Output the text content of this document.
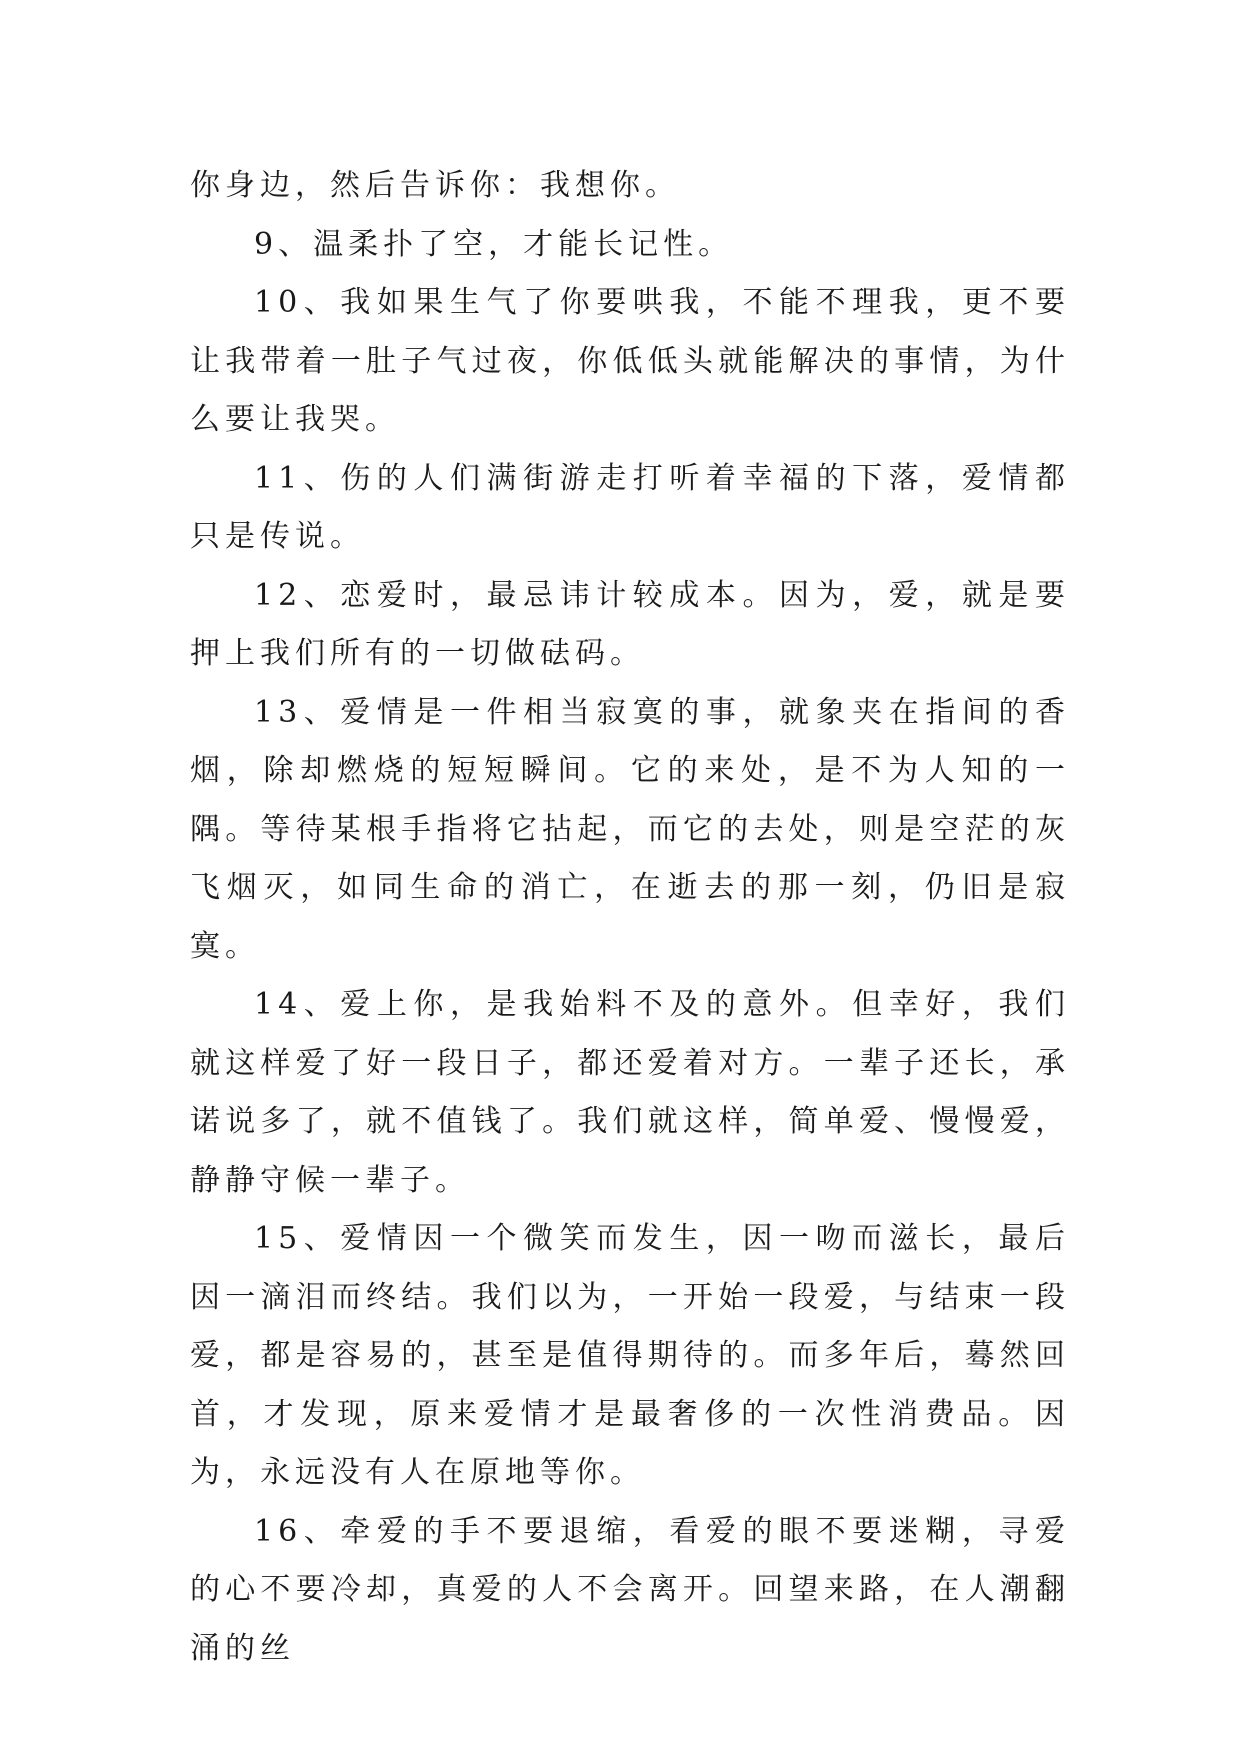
你身边，然后告诉你：我想你。

9、温柔扑了空，才能长记性。

10、我如果生气了你要哄我，不能不理我，更不要让我带着一肚子气过夜，你低低头就能解决的事情，为什么要让我哭。

11、伤的人们满街游走打听着幸福的下落，爱情都只是传说。

12、恋爱时，最忌讳计较成本。因为，爱，就是要押上我们所有的一切做砝码。

13、爱情是一件相当寂寞的事，就象夹在指间的香烟，除却燃烧的短短瞬间。它的来处，是不为人知的一隅。等待某根手指将它拈起，而它的去处，则是空茫的灰飞烟灭，如同生命的消亡，在逝去的那一刻，仍旧是寂寞。

14、爱上你，是我始料不及的意外。但幸好，我们就这样爱了好一段日子，都还爱着对方。一辈子还长，承诺说多了，就不值钱了。我们就这样，简单爱、慢慢爱，静静守候一辈子。

15、爱情因一个微笑而发生，因一吻而滋长，最后因一滴泪而终结。我们以为，一开始一段爱，与结束一段爱，都是容易的，甚至是值得期待的。而多年后，蓦然回首，才发现，原来爱情才是最奢侈的一次性消费品。因为，永远没有人在原地等你。

16、牵爱的手不要退缩，看爱的眼不要迷糊，寻爱的心不要冷却，真爱的人不会离开。回望来路，在人潮翻涌的丝
